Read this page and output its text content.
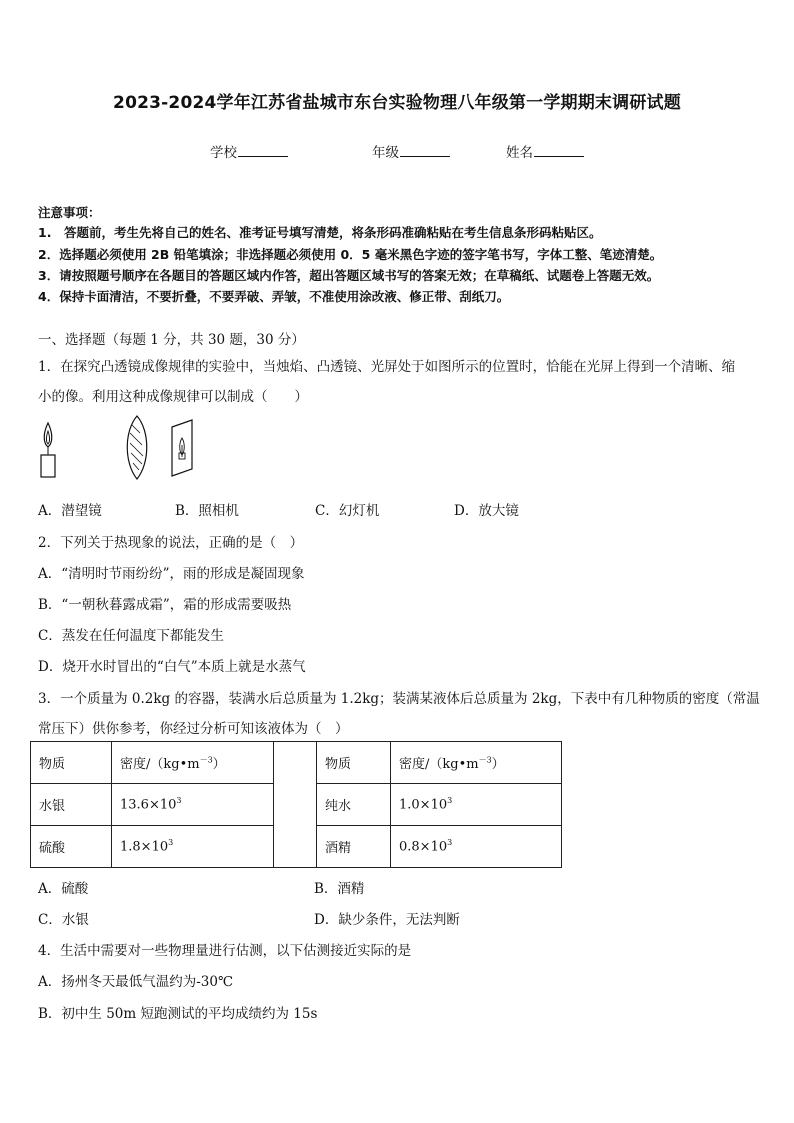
2023-2024学年江苏省盐城市东台实验物理八年级第一学期期末调研试题
学校	年级	姓名
注意事项：
1.　答题前，考生先将自己的姓名、准考证号填写清楚，将条形码准确粘贴在考生信息条形码粘贴区。
2．选择题必须使用 2B 铅笔填涂；非选择题必须使用 0．5 毫米黑色字迹的签字笔书写，字体工整、笔迹清楚。
3．请按照题号顺序在各题目的答题区域内作答，超出答题区域书写的答案无效；在草稿纸、试题卷上答题无效。
4．保持卡面清洁，不要折叠，不要弄破、弄皱，不准使用涂改液、修正带、刮纸刀。
一、选择题（每题 1 分，共 30 题，30 分）
1．在探究凸透镜成像规律的实验中，当烛焰、凸透镜、光屏处于如图所示的位置时，恰能在光屏上得到一个清晰、缩
小的像。利用这种成像规律可以制成（　　）
A．潜望镜	B．照相机	C．幻灯机	D．放大镜
2．下列关于热现象的说法，正确的是（　）
A．“清明时节雨纷纷”，雨的形成是凝固现象
B．“一朝秋暮露成霜”，霜的形成需要吸热
C．蒸发在任何温度下都能发生
D．烧开水时冒出的“白气”本质上就是水蒸气
3．一个质量为 0.2kg 的容器，装满水后总质量为 1.2kg；装满某液体后总质量为 2kg，下表中有几种物质的密度（常温
常压下）供你参考，你经过分析可知该液体为（　）
物质	密度$/(kg•m^{-3})$		物质	密度$/(kg•m^{-3})$
水银	$13.6\times 10^3$		纯水	$1.0\times 10^3$
硫酸	$1.8\times 10^3$		酒精	$0.8\times 10^3$
A．硫酸	B．酒精
C．水银	D．缺少条件，无法判断
4．生活中需要对一些物理量进行估测，以下估测接近实际的是
A．扬州冬天最低气温约为-30℃
B．初中生 50m 短跑测试的平均成绩约为 15s
